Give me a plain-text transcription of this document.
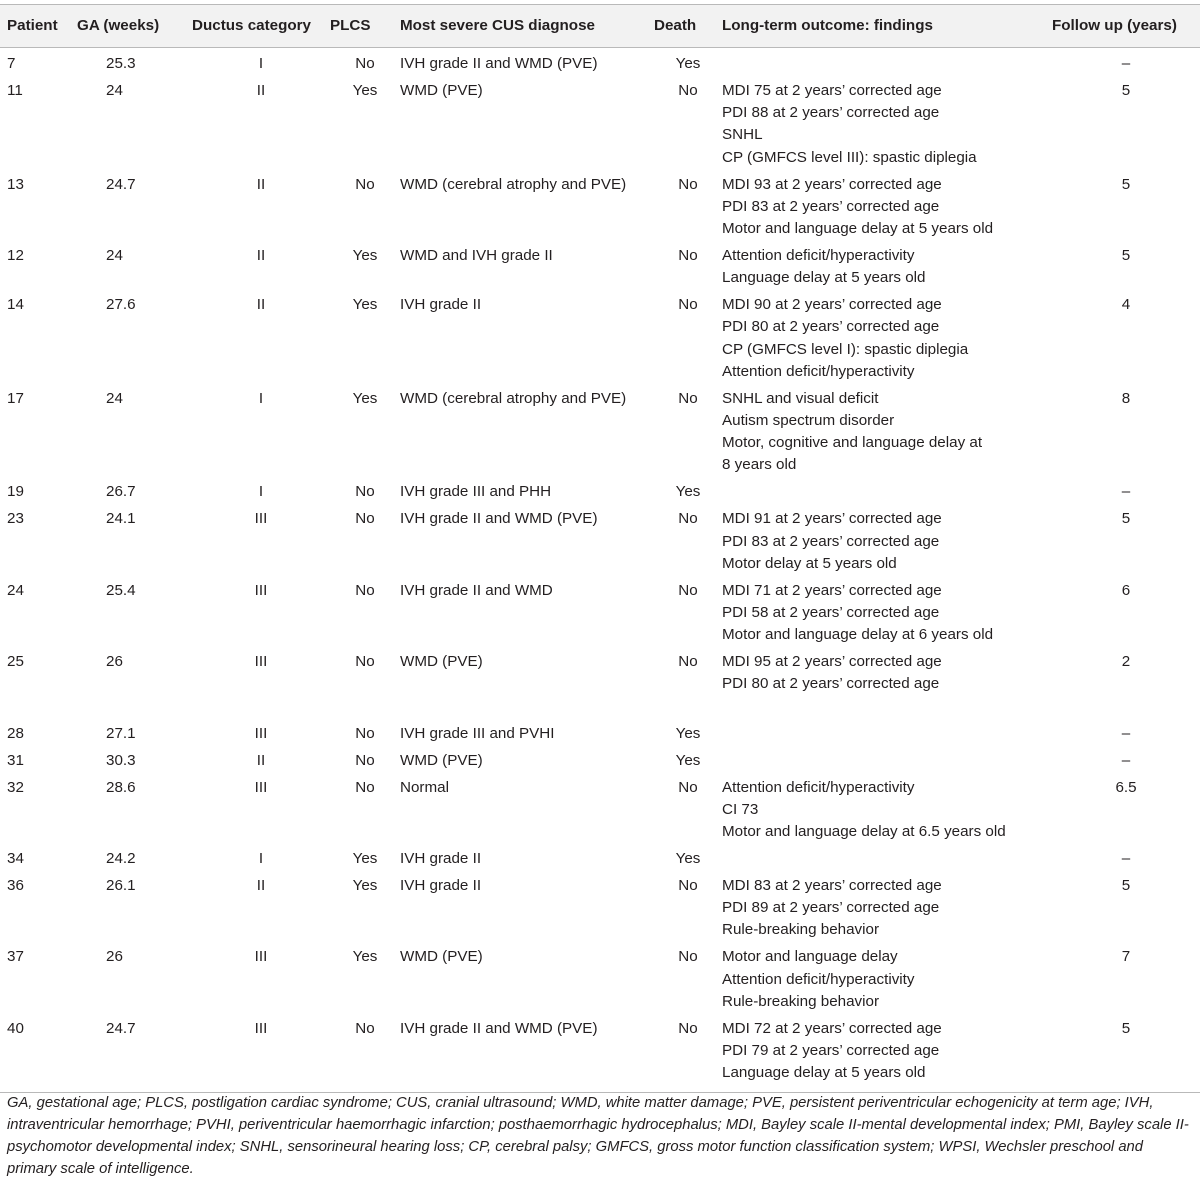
Patient	GA (weeks)	Ductus category	PLCS	Most severe CUS diagnose	Death	Long-term outcome: findings	Follow up (years)
7	25.3	I	No	IVH grade II and WMD (PVE)	Yes		–
11	24	II	Yes	WMD (PVE)	No	MDI 75 at 2 years’ corrected age
PDI 88 at 2 years’ corrected age
SNHL
CP (GMFCS level III): spastic diplegia	5
13	24.7	II	No	WMD (cerebral atrophy and PVE)	No	MDI 93 at 2 years’ corrected age
PDI 83 at 2 years’ corrected age
Motor and language delay at 5 years old	5
12	24	II	Yes	WMD and IVH grade II	No	Attention deficit/hyperactivity
Language delay at 5 years old	5
14	27.6	II	Yes	IVH grade II	No	MDI 90 at 2 years’ corrected age
PDI 80 at 2 years’ corrected age
CP (GMFCS level I): spastic diplegia
Attention deficit/hyperactivity	4
17	24	I	Yes	WMD (cerebral atrophy and PVE)	No	SNHL and visual deficit
Autism spectrum disorder
Motor, cognitive and language delay at
8 years old	8
19	26.7	I	No	IVH grade III and PHH	Yes		–
23	24.1	III	No	IVH grade II and WMD (PVE)	No	MDI 91 at 2 years’ corrected age
PDI 83 at 2 years’ corrected age
Motor delay at 5 years old	5
24	25.4	III	No	IVH grade II and WMD	No	MDI 71 at 2 years’ corrected age
PDI 58 at 2 years’ corrected age
Motor and language delay at 6 years old	6
25	26	III	No	WMD (PVE)	No	MDI 95 at 2 years’ corrected age
PDI 80 at 2 years’ corrected age	2
28	27.1	III	No	IVH grade III and PVHI	Yes		–
31	30.3	II	No	WMD (PVE)	Yes		–
32	28.6	III	No	Normal	No	Attention deficit/hyperactivity
CI 73
Motor and language delay at 6.5 years old	6.5
34	24.2	I	Yes	IVH grade II	Yes		–
36	26.1	II	Yes	IVH grade II	No	MDI 83 at 2 years’ corrected age
PDI 89 at 2 years’ corrected age
Rule-breaking behavior	5
37	26	III	Yes	WMD (PVE)	No	Motor and language delay
Attention deficit/hyperactivity
Rule-breaking behavior	7
40	24.7	III	No	IVH grade II and WMD (PVE)	No	MDI 72 at 2 years’ corrected age
PDI 79 at 2 years’ corrected age
Language delay at 5 years old	5
GA, gestational age; PLCS, postligation cardiac syndrome; CUS, cranial ultrasound; WMD, white matter damage; PVE, persistent periventricular echogenicity at term age; IVH, intraventricular hemorrhage; PVHI, periventricular haemorrhagic infarction; posthaemorrhagic hydrocephalus; MDI, Bayley scale II-mental developmental index; PMI, Bayley scale II-psychomotor developmental index; SNHL, sensorineural hearing loss; CP, cerebral palsy; GMFCS, gross motor function classification system; WPSI, Wechsler preschool and primary scale of intelligence.
